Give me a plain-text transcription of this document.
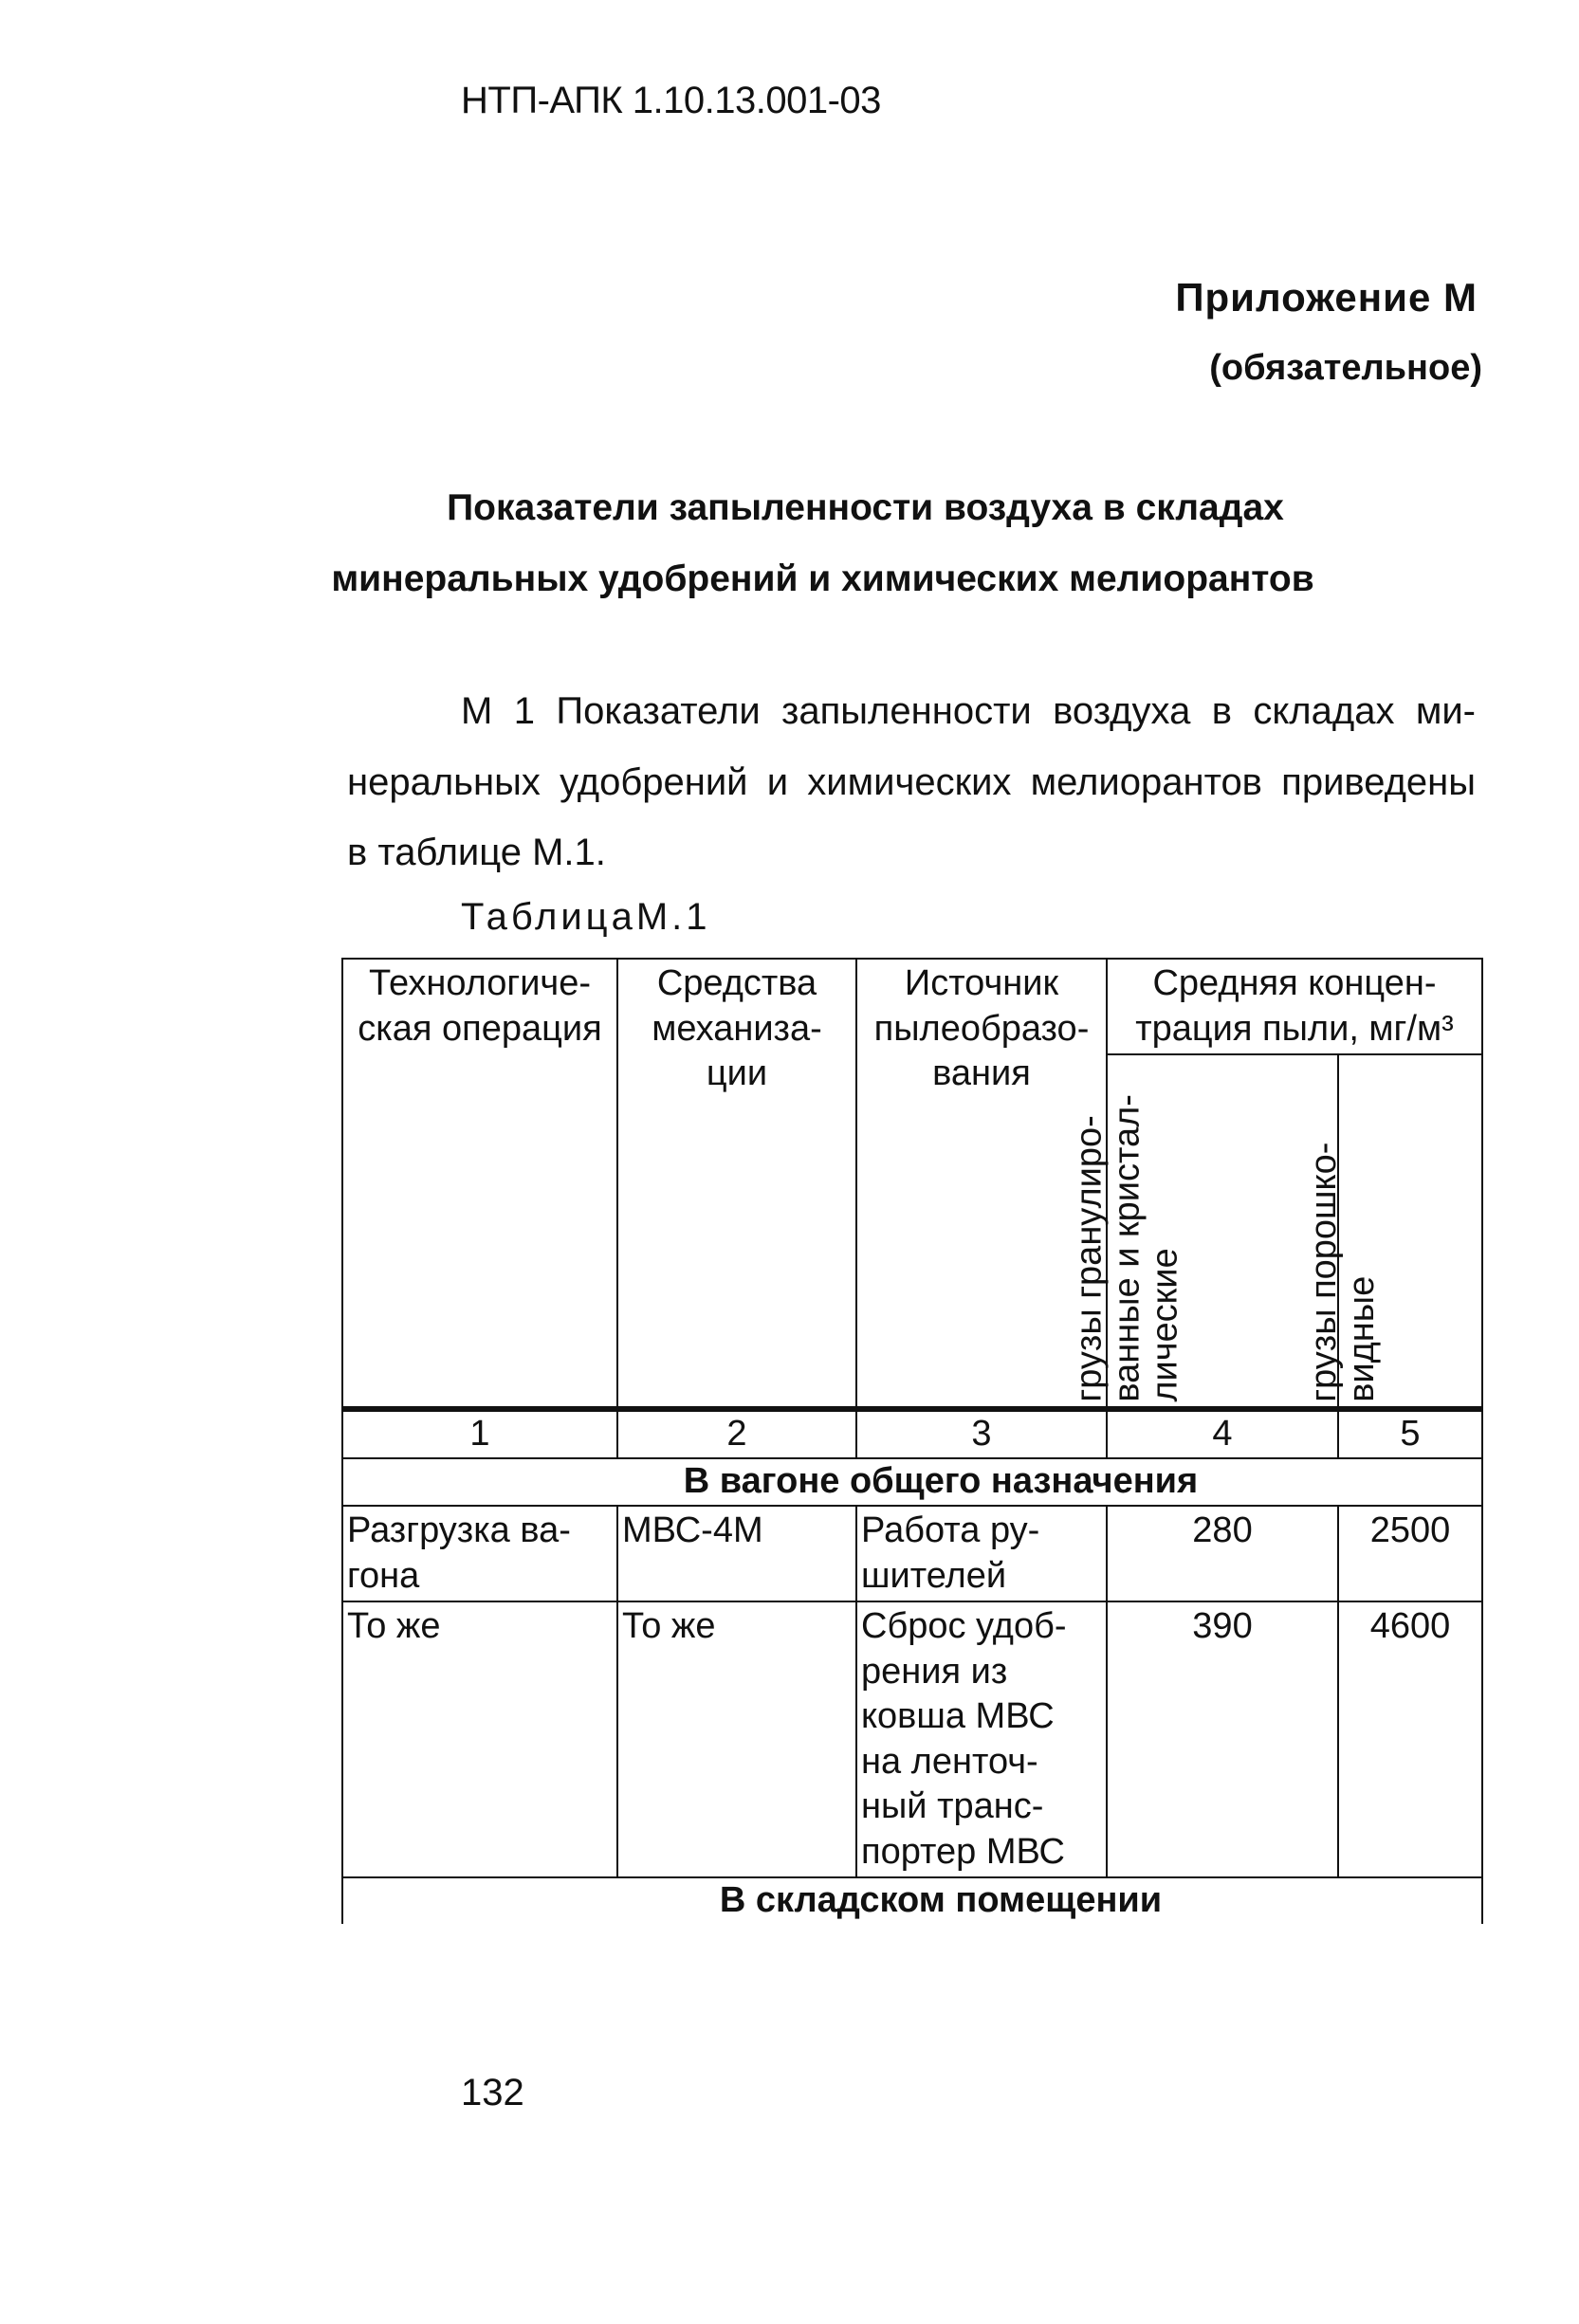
НТП-АПК 1.10.13.001-03
Приложение М
(обязательное)
Показатели запыленности воздуха в складах
минеральных удобрений и химических мелиорантов
М 1 Показатели запыленности воздуха в складах ми-
неральных удобрений и химических мелиорантов приведены
в таблице М.1.
ТаблицаМ.1
Технологиче-ская операция	Средства механиза-ции	Источник пылеобразо-вания	Средняя концен-трация пыли, мг/м³	

			грузы гранулиро-ванные и кристал-лические	грузы порошко-видные

1	2	3	4	5
В вагоне общего назначения				
Разгрузка ва-гона	МВС-4М	Работа ру-шителей	280	2500
То же	То же	Сброс удоб-рения из ковша МВС на ленточ-ный транс-портер МВС	390	4600
В складском помещении				
132
